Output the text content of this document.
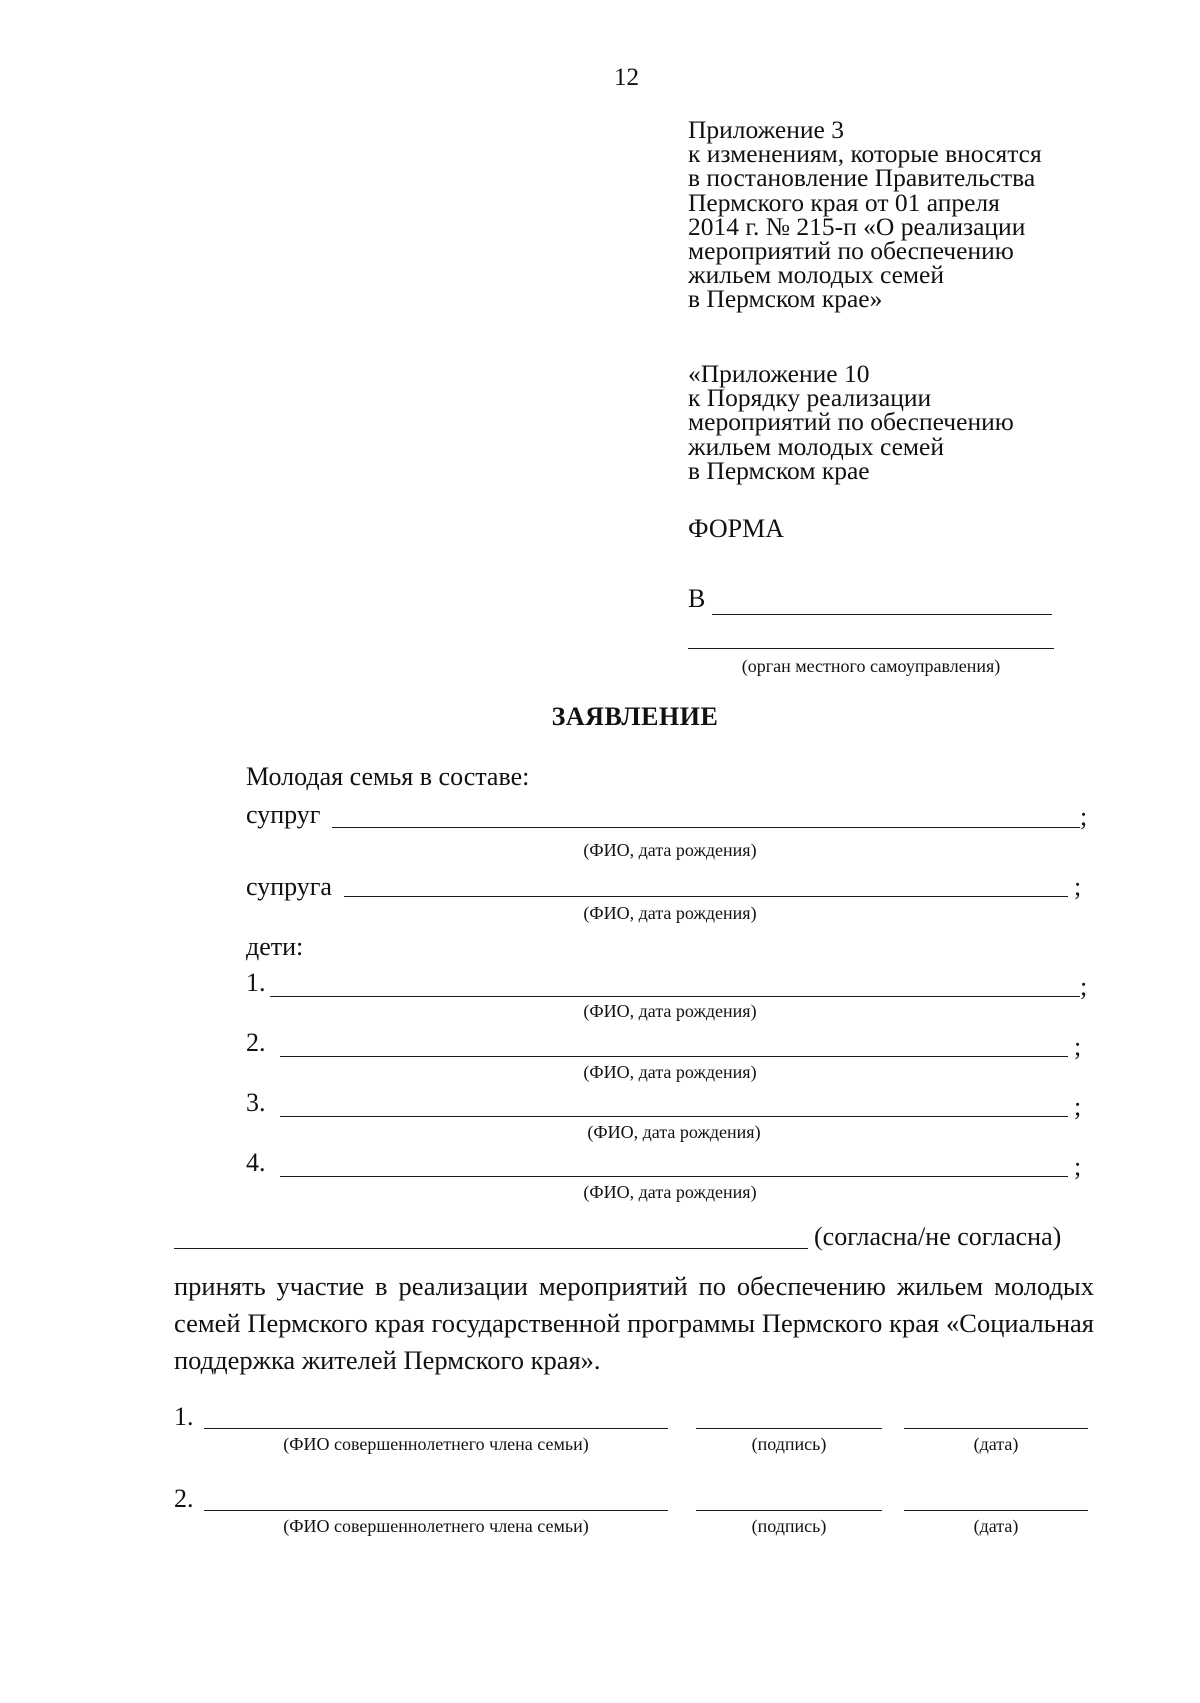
12
Приложение 3
к изменениям, которые вносятся
в постановление Правительства
Пермского края от 01 апреля
2014 г. № 215-п «О реализации
мероприятий по обеспечению
жильем молодых семей
в Пермском крае»
«Приложение 10
к Порядку реализации
мероприятий по обеспечению
жильем молодых семей
в Пермском крае
ФОРМА
В
(орган местного самоуправления)
ЗАЯВЛЕНИЕ
Молодая семья в составе:
супруг	;
(ФИО, дата рождения)
супруга	;
(ФИО, дата рождения)
дети:
1.	;
(ФИО, дата рождения)
2.	;
(ФИО, дата рождения)
3.	;
(ФИО, дата рождения)
4.	;
(ФИО, дата рождения)
(согласна/не согласна)
принять участие в реализации мероприятий по обеспечению жильем молодых семей Пермского края государственной программы Пермского края «Социальная поддержка жителей Пермского края».
1.
(ФИО совершеннолетнего члена семьи)	(подпись)	(дата)
2.
(ФИО совершеннолетнего члена семьи)	(подпись)	(дата)
